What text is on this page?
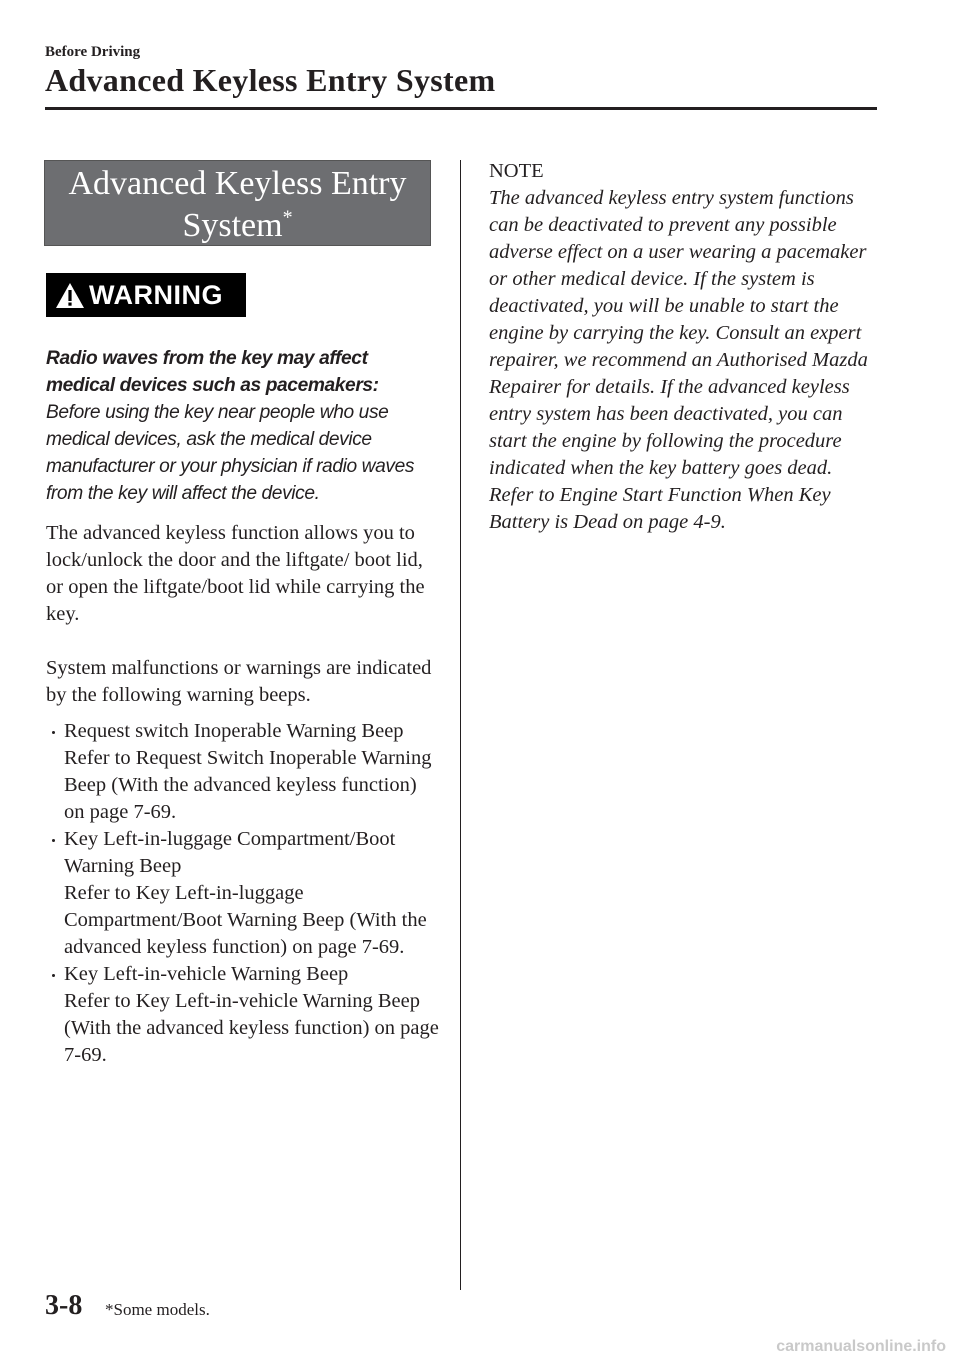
Before Driving
Advanced Keyless Entry System
Advanced Keyless Entry System*
WARNING
Radio waves from the key may affect medical devices such as pacemakers:
Before using the key near people who use medical devices, ask the medical device manufacturer or your physician if radio waves from the key will affect the device.
The advanced keyless function allows you to lock/unlock the door and the liftgate/ boot lid, or open the liftgate/boot lid while carrying the key.
System malfunctions or warnings are indicated by the following warning beeps.
Request switch Inoperable Warning Beep
Refer to Request Switch Inoperable Warning Beep (With the advanced keyless function) on page 7-69.
Key Left-in-luggage Compartment/Boot Warning Beep
Refer to Key Left-in-luggage Compartment/Boot Warning Beep (With the advanced keyless function) on page 7-69.
Key Left-in-vehicle Warning Beep
Refer to Key Left-in-vehicle Warning Beep (With the advanced keyless function) on page 7-69.
NOTE
The advanced keyless entry system functions can be deactivated to prevent any possible adverse effect on a user wearing a pacemaker or other medical device. If the system is deactivated, you will be unable to start the engine by carrying the key. Consult an expert repairer, we recommend an Authorised Mazda Repairer for details. If the advanced keyless entry system has been deactivated, you can start the engine by following the procedure indicated when the key battery goes dead.
Refer to Engine Start Function When Key Battery is Dead on page 4-9.
3-8 *Some models.
carmanualsonline.info
